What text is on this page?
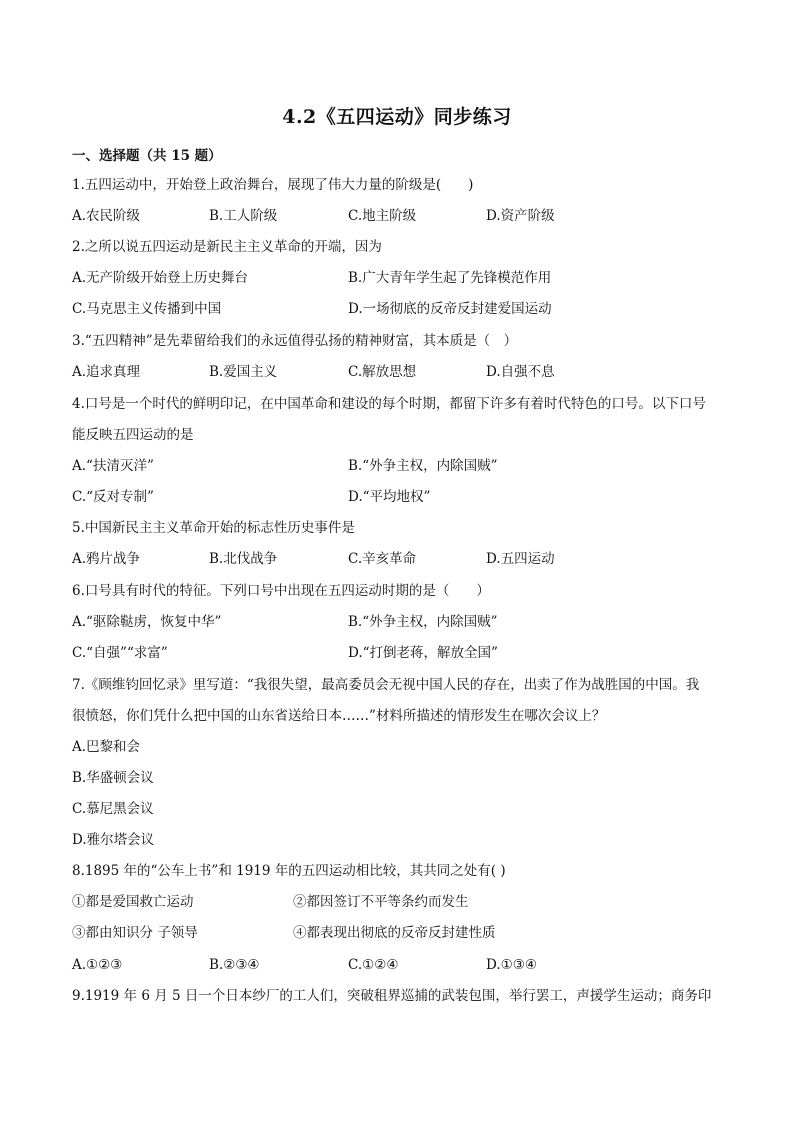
4.2《五四运动》同步练习
一、选择题（共 15 题）
1.五四运动中，开始登上政治舞台，展现了伟大力量的阶级是(　　)
A.农民阶级	B.工人阶级	C.地主阶级	D.资产阶级
2.之所以说五四运动是新民主主义革命的开端，因为
A.无产阶级开始登上历史舞台	B.广大青年学生起了先锋模范作用
C.马克思主义传播到中国	D.一场彻底的反帝反封建爱国运动
3.“五四精神”是先辈留给我们的永远值得弘扬的精神财富，其本质是（　）
A.追求真理	B.爱国主义	C.解放思想	D.自强不息
4.口号是一个时代的鲜明印记，在中国革命和建设的每个时期，都留下许多有着时代特色的口号。以下口号
能反映五四运动的是
A.“扶清灭洋”	B.“外争主权，内除国贼”
C.“反对专制”	D.“平均地权”
5.中国新民主主义革命开始的标志性历史事件是
A.鸦片战争	B.北伐战争	C.辛亥革命	D.五四运动
6.口号具有时代的特征。下列口号中出现在五四运动时期的是（　　）
A.“驱除鞑虏，恢复中华”	B.“外争主权，内除国贼”
C.“自强”“求富”	D.“打倒老蒋，解放全国”
7.《顾维钧回忆录》里写道：“我很失望，最高委员会无视中国人民的存在，出卖了作为战胜国的中国。我
很愤怒，你们凭什么把中国的山东省送给日本……”材料所描述的情形发生在哪次会议上？
A.巴黎和会
B.华盛顿会议
C.慕尼黑会议
D.雅尔塔会议
8.1895 年的“公车上书”和 1919 年的五四运动相比较，其共同之处有( )
①都是爱国救亡运动	②都因签订不平等条约而发生
③都由知识分 子领导	④都表现出彻底的反帝反封建性质
A.①②③	B.②③④	C.①②④	D.①③④
9.1919 年 6 月 5 日一个日本纱厂的工人们，突破租界巡捕的武装包围，举行罢工，声援学生运动；商务印
